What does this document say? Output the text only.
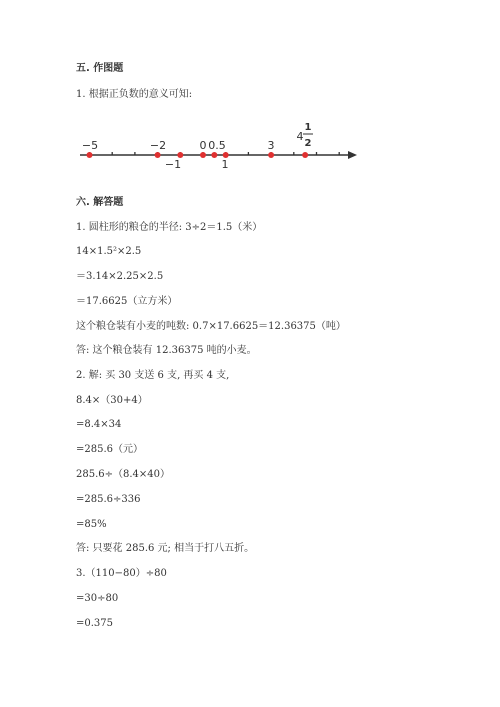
五. 作图题
1. 根据正负数的意义可知:
−5	−2	0 0.5	3
−1	1
4
1
2
六. 解答题
1. 圆柱形的粮仓的半径: 3÷2＝1.5（米）
14×1.5²×2.5
＝3.14×2.25×2.5
＝17.6625（立方米）
这个粮仓装有小麦的吨数: 0.7×17.6625＝12.36375（吨）
答: 这个粮仓装有 12.36375 吨的小麦。
2. 解: 买 30 支送 6 支, 再买 4 支,
8.4×（30+4）
=8.4×34
=285.6（元）
285.6÷（8.4×40）
=285.6÷336
=85%
答: 只要花 285.6 元; 相当于打八五折。
3.（110−80）÷80
=30÷80
=0.375
